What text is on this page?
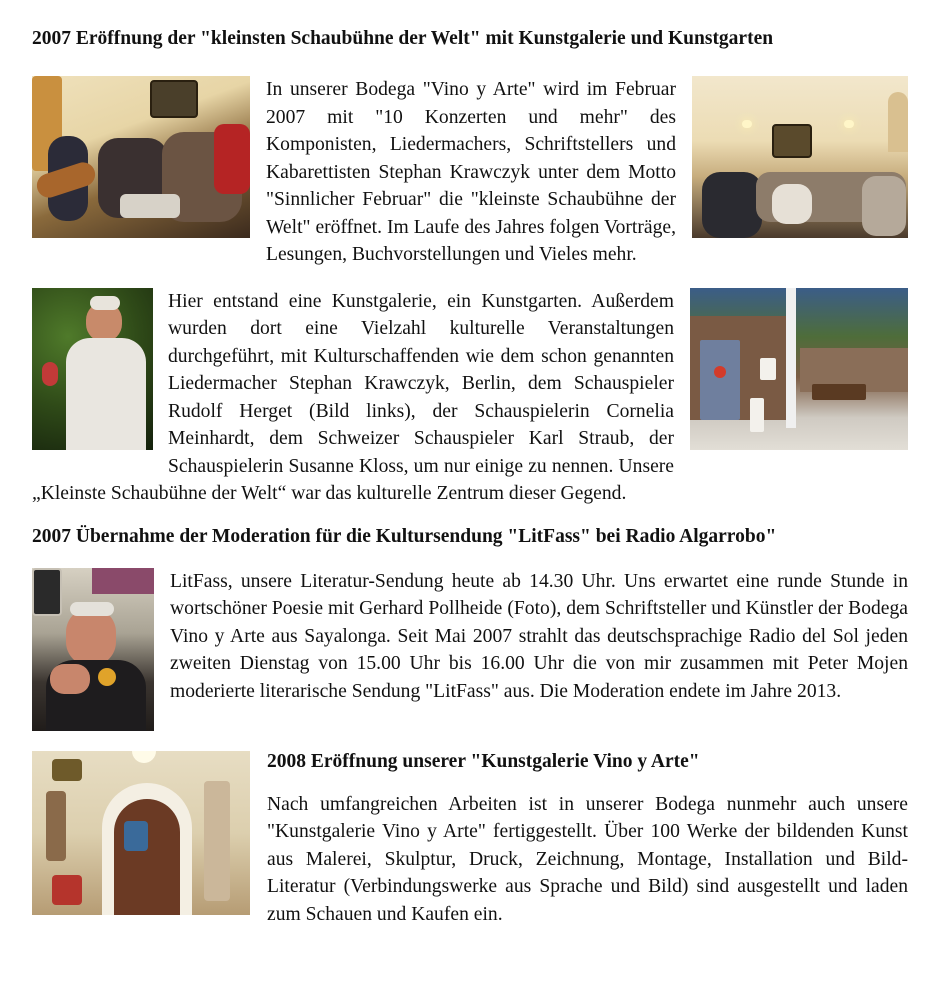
2007 Eröffnung der "kleinsten Schaubühne der Welt" mit Kunstgalerie und Kunstgarten

In unserer Bodega "Vino y Arte" wird im Februar 2007 mit "10 Konzerten und mehr" des Komponisten, Liedermachers, Schriftstellers und Kabarettisten Stephan Krawczyk unter dem Motto "Sinnlicher Februar" die "kleinste Schaubühne der Welt" eröffnet. Im Laufe des Jahres folgen Vorträge, Lesungen, Buchvorstellungen und Vieles mehr.

Hier entstand eine Kunstgalerie, ein Kunstgarten. Außerdem wurden dort eine Vielzahl kulturelle Veranstaltungen durchgeführt, mit Kulturschaffenden wie dem schon genannten Liedermacher Stephan Krawczyk, Berlin, dem Schauspieler Rudolf Herget (Bild links), der Schauspielerin Cornelia Meinhardt, dem Schweizer Schauspieler Karl Straub, der Schauspielerin Susanne Kloss, um nur einige zu nennen. Unsere „Kleinste Schaubühne der Welt“ war das kulturelle Zentrum dieser Gegend.

2007 Übernahme der Moderation für die Kultursendung "LitFass" bei Radio Algarrobo"

LitFass, unsere Literatur-Sendung heute ab 14.30 Uhr. Uns erwartet eine runde Stunde in wortschöner Poesie mit Gerhard Pollheide (Foto), dem Schriftsteller und Künstler der Bodega Vino y Arte aus Sayalonga. Seit Mai 2007 strahlt das deutschsprachige Radio del Sol jeden zweiten Dienstag von 15.00 Uhr bis 16.00 Uhr die von mir zusammen mit Peter Mojen moderierte literarische Sendung "LitFass" aus. Die Moderation endete im Jahre 2013.

2008 Eröffnung unserer "Kunstgalerie Vino y Arte"

Nach umfangreichen Arbeiten ist in unserer Bodega nunmehr auch unsere "Kunstgalerie Vino y Arte" fertiggestellt. Über 100 Werke der bildenden Kunst aus Malerei, Skulptur, Druck, Zeichnung, Montage, Installation und Bild-Literatur (Verbindungswerke aus Sprache und Bild) sind ausgestellt und laden zum Schauen und Kaufen ein.
